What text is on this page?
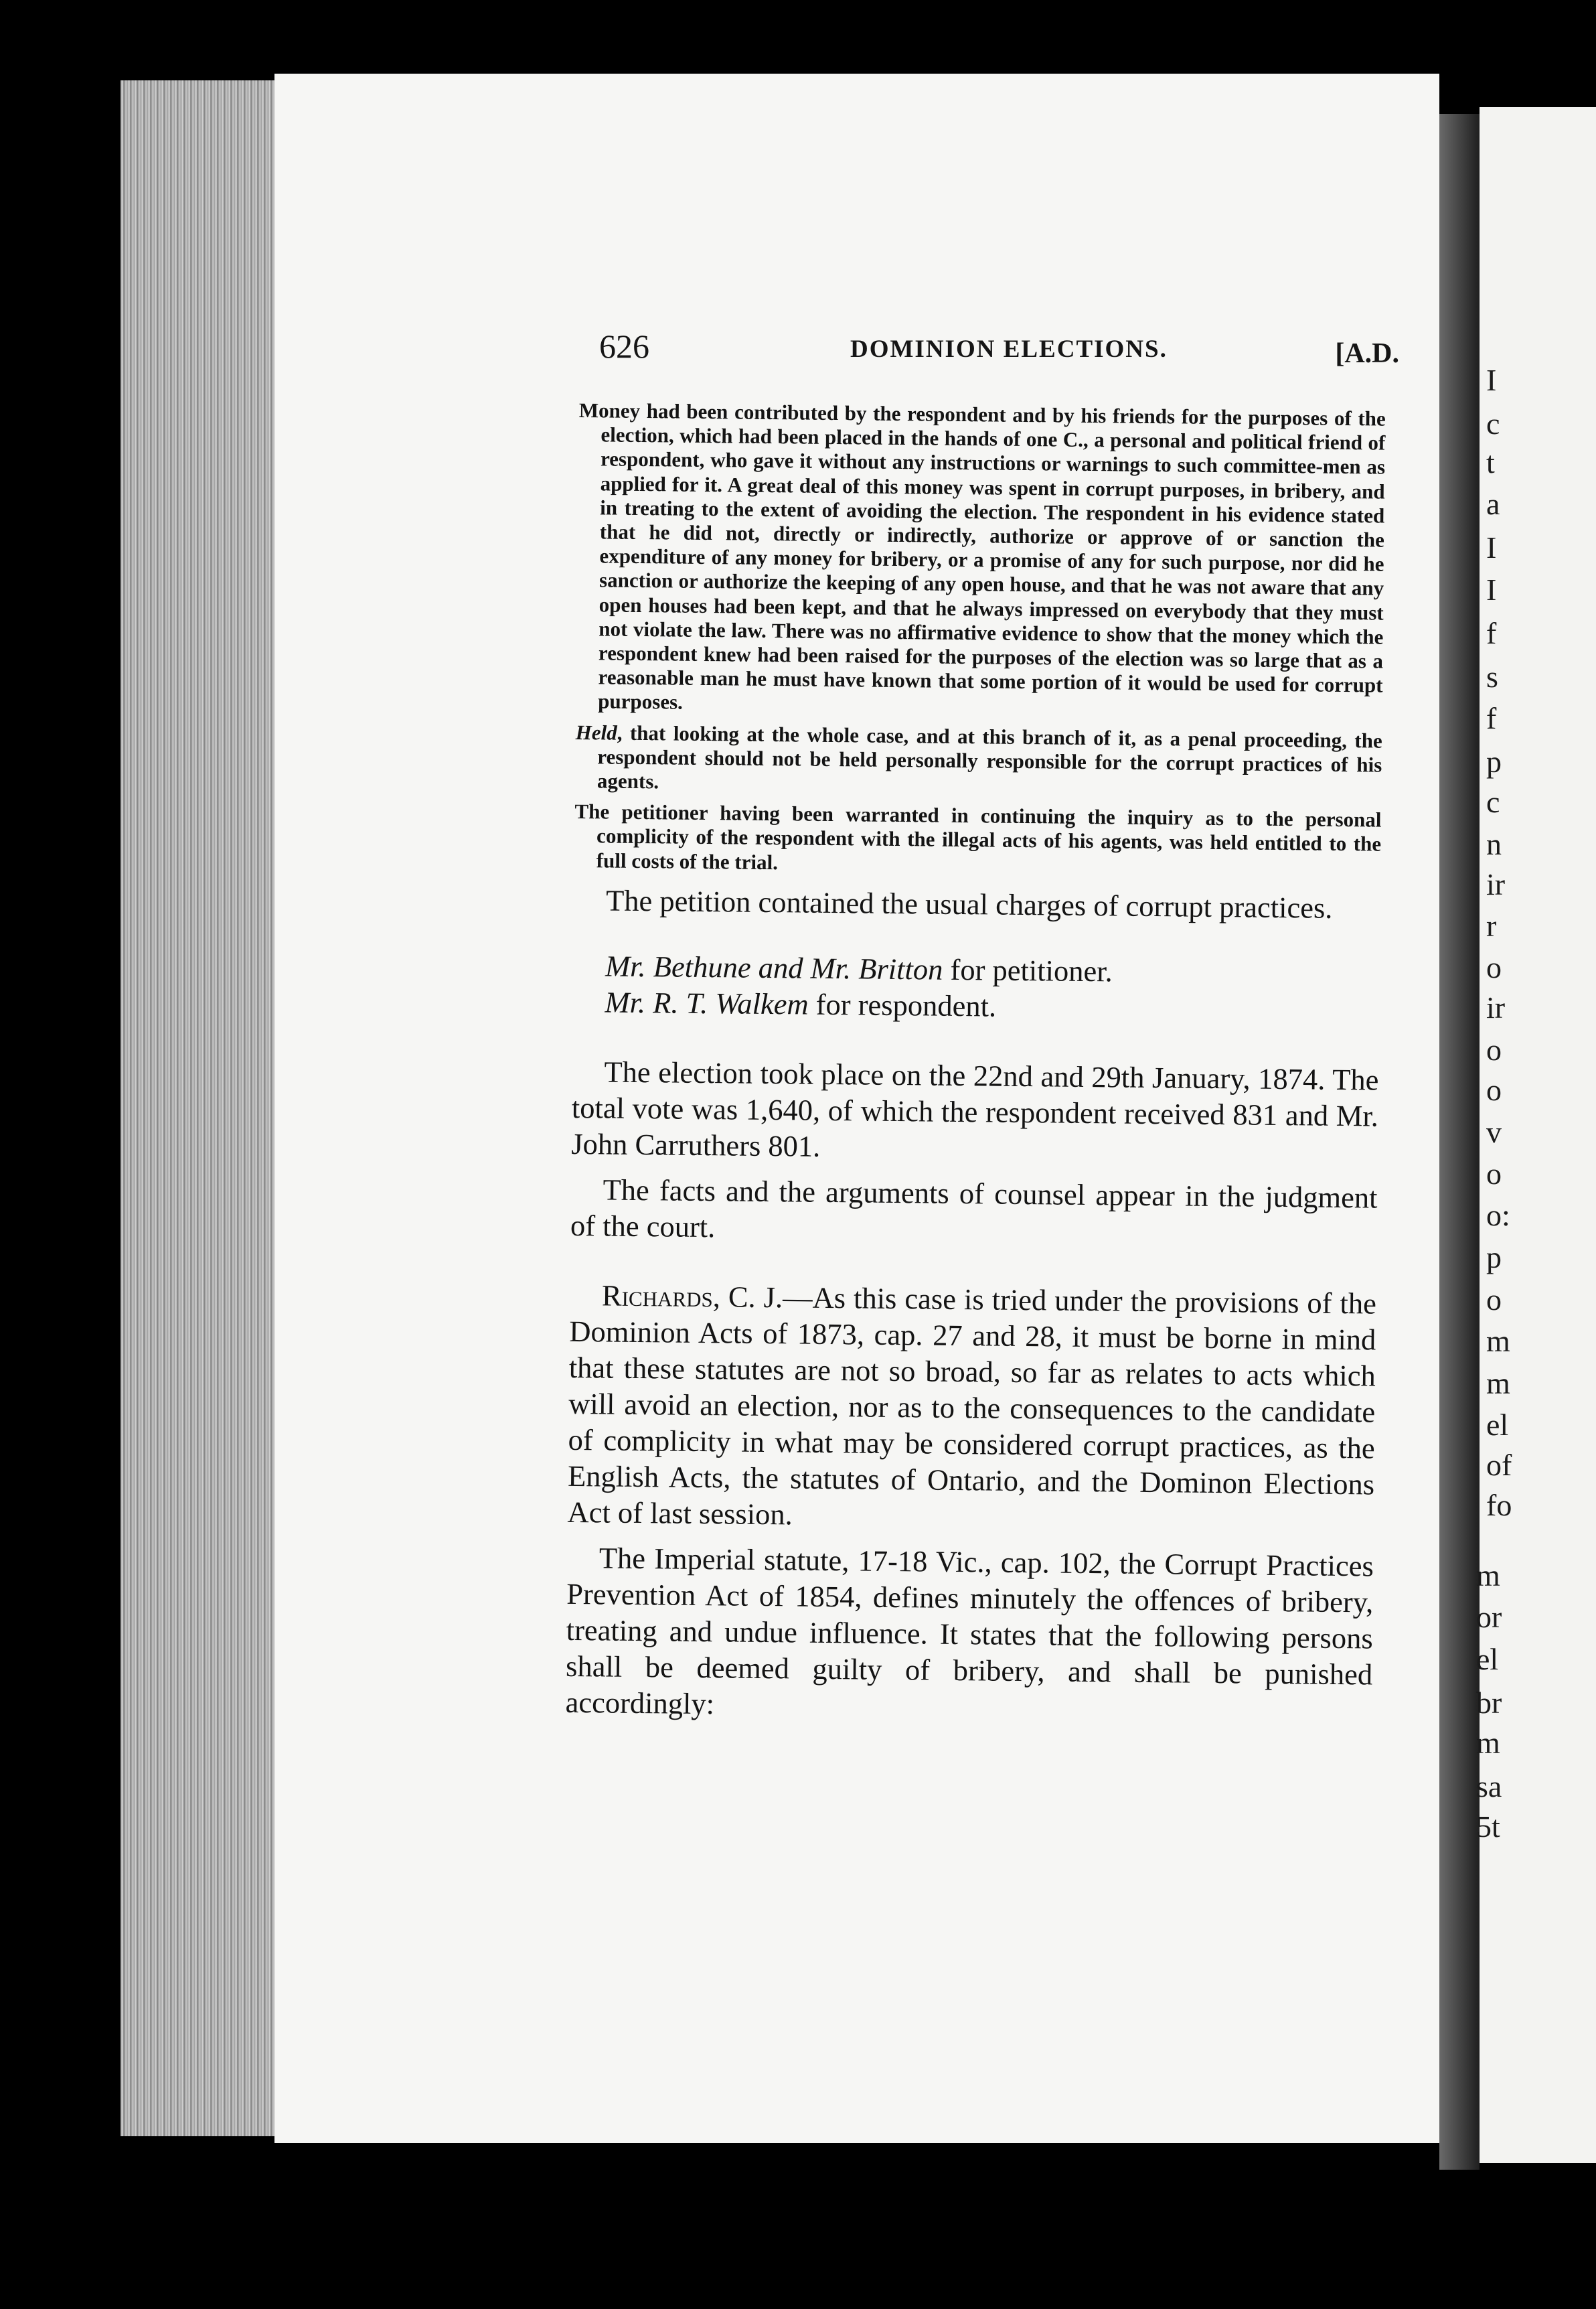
I
c
t
a
I
I
f
s
f
p
c
n
ir
r
o
ir
o
o
v
o
o:
p
o
m
m
el
of
fo
m
or
el
br
m
sa
5t
626	DOMINION ELECTIONS.	[A.D.

Money had been contributed by the respondent and by his friends for the purposes of the election, which had been placed in the hands of one C., a personal and political friend of respondent, who gave it without any instructions or warnings to such committee-men as applied for it. A great deal of this money was spent in corrupt purposes, in bribery, and in treating to the extent of avoiding the election. The respondent in his evidence stated that he did not, directly or indirectly, authorize or approve of or sanction the expenditure of any money for bribery, or a promise of any for such purpose, nor did he sanction or authorize the keeping of any open house, and that he was not aware that any open houses had been kept, and that he always impressed on everybody that they must not violate the law. There was no affirmative evidence to show that the money which the respondent knew had been raised for the purposes of the election was so large that as a reasonable man he must have known that some portion of it would be used for corrupt purposes.

Held, that looking at the whole case, and at this branch of it, as a penal proceeding, the respondent should not be held personally responsible for the corrupt practices of his agents.

The petitioner having been warranted in continuing the inquiry as to the personal complicity of the respondent with the illegal acts of his agents, was held entitled to the full costs of the trial.

The petition contained the usual charges of corrupt practices.

Mr. Bethune and Mr. Britton for petitioner.

Mr. R. T. Walkem for respondent.

The election took place on the 22nd and 29th January, 1874. The total vote was 1,640, of which the respondent received 831 and Mr. John Carruthers 801.

The facts and the arguments of counsel appear in the judgment of the court.

Richards, C. J.—As this case is tried under the provisions of the Dominion Acts of 1873, cap. 27 and 28, it must be borne in mind that these statutes are not so broad, so far as relates to acts which will avoid an election, nor as to the consequences to the candidate of complicity in what may be considered corrupt practices, as the English Acts, the statutes of Ontario, and the Dominon Elections Act of last session.

The Imperial statute, 17-18 Vic., cap. 102, the Corrupt Practices Prevention Act of 1854, defines minutely the offences of bribery, treating and undue influence. It states that the following persons shall be deemed guilty of bribery, and shall be punished accordingly:
